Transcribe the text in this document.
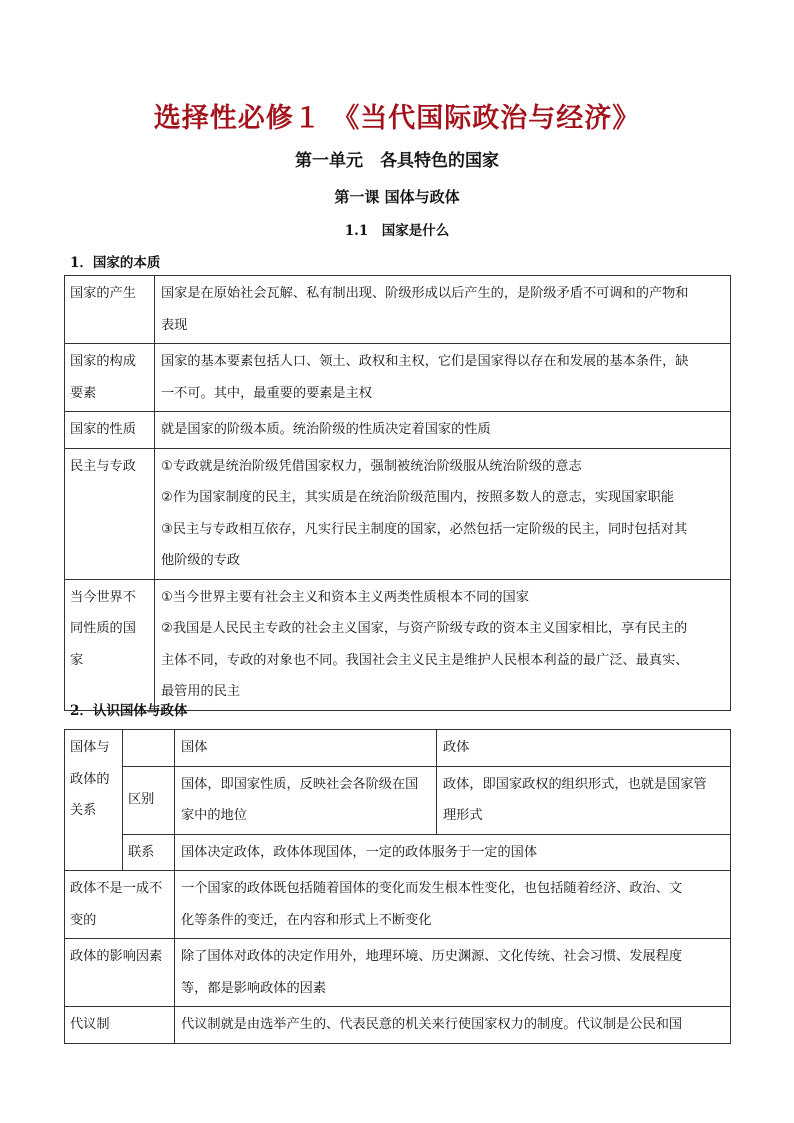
选择性必修１ 《当代国际政治与经济》
第一单元　各具特色的国家
第一课 国体与政体
1.1　国家是什么
1．国家的本质
国家的产生	国家是在原始社会瓦解、私有制出现、阶级形成以后产生的，是阶级矛盾不可调和的产物和
表现

国家的构成
要素	国家的基本要素包括人口、领土、政权和主权，它们是国家得以存在和发展的基本条件，缺
一不可。其中，最重要的要素是主权

国家的性质	就是国家的阶级本质。统治阶级的性质决定着国家的性质

民主与专政	①专政就是统治阶级凭借国家权力，强制被统治阶级服从统治阶级的意志
②作为国家制度的民主，其实质是在统治阶级范围内，按照多数人的意志，实现国家职能
③民主与专政相互依存，凡实行民主制度的国家，必然包括一定阶级的民主，同时包括对其
他阶级的专政

当今世界不
同性质的国
家	①当今世界主要有社会主义和资本主义两类性质根本不同的国家
②我国是人民民主专政的社会主义国家，与资产阶级专政的资本主义国家相比，享有民主的
主体不同，专政的对象也不同。我国社会主义民主是维护人民根本利益的最广泛、最真实、
最管用的民主
2．认识国体与政体
国体与
政体的
关系		国体	政体
	区别	国体，即国家性质，反映社会各阶级在国
家中的地位	政体，即国家政权的组织形式，也就是国家管
理形式

	联系	国体决定政体，政体体现国体，一定的政体服务于一定的国体	

政体不是一成不
变的		一个国家的政体既包括随着国体的变化而发生根本性变化，也包括随着经济、政治、文
化等条件的变迁，在内容和形式上不断变化	

政体的影响因素		除了国体对政体的决定作用外，地理环境、历史渊源、文化传统、社会习惯、发展程度
等，都是影响政体的因素	

代议制		代议制就是由选举产生的、代表民意的机关来行使国家权力的制度。代议制是公民和国	
